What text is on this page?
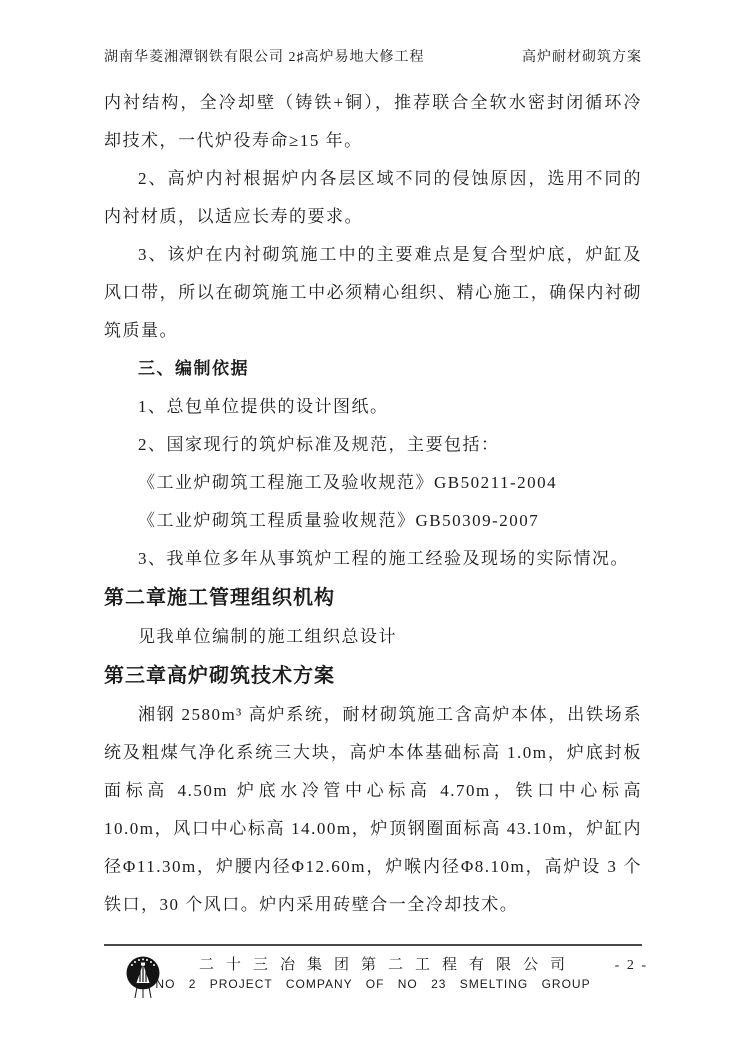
湖南华菱湘潭钢铁有限公司 2♯高炉易地大修工程	高炉耐材砌筑方案

内衬结构，全冷却壁（铸铁+铜），推荐联合全软水密封闭循环冷却技术，一代炉役寿命≥15 年。

2、高炉内衬根据炉内各层区域不同的侵蚀原因，选用不同的内衬材质，以适应长寿的要求。

3、该炉在内衬砌筑施工中的主要难点是复合型炉底，炉缸及风口带，所以在砌筑施工中必须精心组织、精心施工，确保内衬砌筑质量。

三、编制依据

1、总包单位提供的设计图纸。

2、国家现行的筑炉标准及规范，主要包括：

《工业炉砌筑工程施工及验收规范》GB50211-2004

《工业炉砌筑工程质量验收规范》GB50309-2007

3、我单位多年从事筑炉工程的施工经验及现场的实际情况。

第二章施工管理组织机构

见我单位编制的施工组织总设计

第三章高炉砌筑技术方案

湘钢 2580m³ 高炉系统，耐材砌筑施工含高炉本体，出铁场系统及粗煤气净化系统三大块，高炉本体基础标高 1.0m，炉底封板面标高 4.50m 炉底水冷管中心标高 4.70m，铁口中心标高 10.0m，风口中心标高 14.00m，炉顶钢圈面标高 43.10m，炉缸内径Φ11.30m，炉腰内径Φ12.60m，炉喉内径Φ8.10m，高炉设 3 个铁口，30 个风口。炉内采用砖壁合一全冷却技术。

二十三冶集团第二工程有限公司
NO 2 PROJECT COMPANY OF NO 23 SMELTING GROUP
- 2 -
